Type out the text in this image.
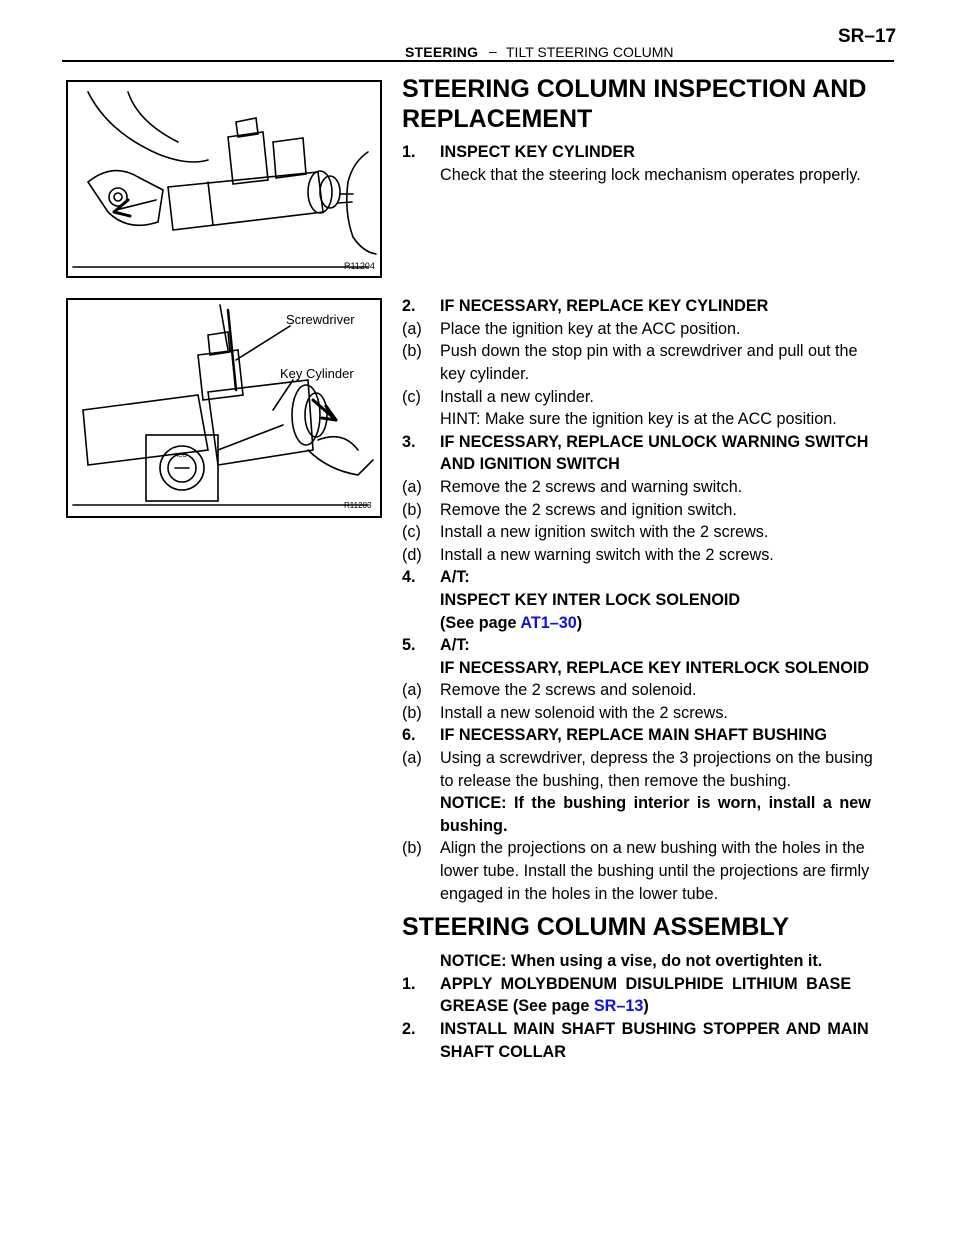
STEERING – TILT STEERING COLUMN
SR–17
R11204
Screwdriver
Key Cylinder
ACC
R11203
STEERING COLUMN INSPECTION AND
REPLACEMENT
1. INSPECT KEY CYLINDER
Check that the steering lock mechanism operates properly.
2. IF NECESSARY, REPLACE KEY CYLINDER
(a) Place the ignition key at the ACC position.
(b) Push down the stop pin with a screwdriver and pull out the
key cylinder.
(c) Install a new cylinder.
HINT: Make sure the ignition key is at the ACC position.
3. IF NECESSARY, REPLACE UNLOCK WARNING SWITCH
AND IGNITION SWITCH
(a) Remove the 2 screws and warning switch.
(b) Remove the 2 screws and ignition switch.
(c) Install a new ignition switch with the 2 screws.
(d) Install a new warning switch with the 2 screws.
4. A/T:
INSPECT KEY INTER LOCK SOLENOID
(See page AT1–30)
5. A/T:
IF NECESSARY, REPLACE KEY INTERLOCK SOLENOID
(a) Remove the 2 screws and solenoid.
(b) Install a new solenoid with the 2 screws.
6. IF NECESSARY, REPLACE MAIN SHAFT BUSHING
(a) Using a screwdriver, depress the 3 projections on the busing
to release the bushing, then remove the bushing.
NOTICE: If the bushing interior is worn, install a new
bushing.
(b) Align the projections on a new bushing with the holes in the
lower tube. Install the bushing until the projections are firmly
engaged in the holes in the lower tube.
STEERING COLUMN ASSEMBLY
NOTICE: When using a vise, do not overtighten it.
1. APPLY MOLYBDENUM DISULPHIDE LITHIUM BASE
GREASE (See page SR–13)
2. INSTALL MAIN SHAFT BUSHING STOPPER AND MAIN
SHAFT COLLAR
